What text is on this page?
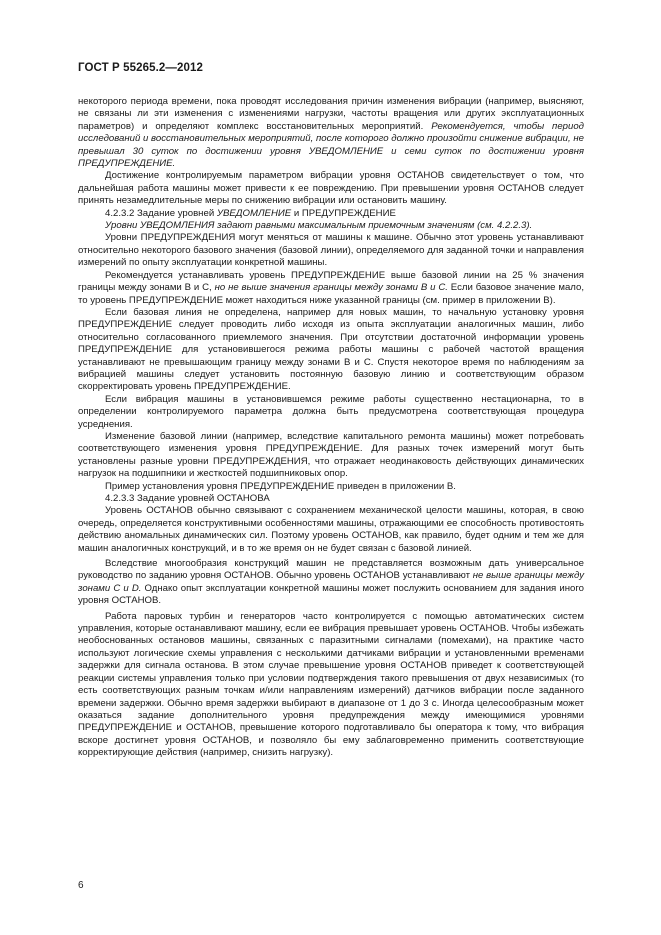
ГОСТ Р 55265.2—2012

некоторого периода времени, пока проводят исследования причин изменения вибрации (например, выясняют, не связаны ли эти изменения с изменениями нагрузки, частоты вращения или других эксплуатационных параметров) и определяют комплекс восстановительных мероприятий. Рекомендуется, чтобы период исследований и восстановительных мероприятий, после которого должно произойти снижение вибрации, не превышал 30 суток по достижении уровня УВЕДОМЛЕНИЕ и семи суток по достижении уровня ПРЕДУПРЕЖДЕНИЕ.

Достижение контролируемым параметром вибрации уровня ОСТАНОВ свидетельствует о том, что дальнейшая работа машины может привести к ее повреждению. При превышении уровня ОСТАНОВ следует принять незамедлительные меры по снижению вибрации или остановить машину.

4.2.3.2 Задание уровней УВЕДОМЛЕНИЕ и ПРЕДУПРЕЖДЕНИЕ

Уровни УВЕДОМЛЕНИЯ задают равными максимальным приемочным значениям (см. 4.2.2.3).

Уровни ПРЕДУПРЕЖДЕНИЯ могут меняться от машины к машине. Обычно этот уровень устанавливают относительно некоторого базового значения (базовой линии), определяемого для заданной точки и направления измерений по опыту эксплуатации конкретной машины.

Рекомендуется устанавливать уровень ПРЕДУПРЕЖДЕНИЕ выше базовой линии на 25 % значения границы между зонами В и С, но не выше значения границы между зонами В и С. Если базовое значение мало, то уровень ПРЕДУПРЕЖДЕНИЕ может находиться ниже указанной границы (см. пример в приложении В).

Если базовая линия не определена, например для новых машин, то начальную установку уровня ПРЕДУПРЕЖДЕНИЕ следует проводить либо исходя из опыта эксплуатации аналогичных машин, либо относительно согласованного приемлемого значения. При отсутствии достаточной информации уровень ПРЕДУПРЕЖДЕНИЕ для установившегося режима работы машины с рабочей частотой вращения устанавливают не превышающим границу между зонами В и С. Спустя некоторое время по наблюдениям за вибрацией машины следует установить постоянную базовую линию и соответствующим образом скорректировать уровень ПРЕДУПРЕЖДЕНИЕ.

Если вибрация машины в установившемся режиме работы существенно нестационарна, то в определении контролируемого параметра должна быть предусмотрена соответствующая процедура усреднения.

Изменение базовой линии (например, вследствие капитального ремонта машины) может потребовать соответствующего изменения уровня ПРЕДУПРЕЖДЕНИЕ. Для разных точек измерений могут быть установлены разные уровни ПРЕДУПРЕЖДЕНИЯ, что отражает неодинаковость действующих динамических нагрузок на подшипники и жесткостей подшипниковых опор.

Пример установления уровня ПРЕДУПРЕЖДЕНИЕ приведен в приложении В.

4.2.3.3 Задание уровней ОСТАНОВА

Уровень ОСТАНОВ обычно связывают с сохранением механической целости машины, которая, в свою очередь, определяется конструктивными особенностями машины, отражающими ее способность противостоять действию аномальных динамических сил. Поэтому уровень ОСТАНОВ, как правило, будет одним и тем же для машин аналогичных конструкций, и в то же время он не будет связан с базовой линией.

Вследствие многообразия конструкций машин не представляется возможным дать универсальное руководство по заданию уровня ОСТАНОВ. Обычно уровень ОСТАНОВ устанавливают не выше границы между зонами С и D. Однако опыт эксплуатации конкретной машины может послужить основанием для задания иного уровня ОСТАНОВ.

Работа паровых турбин и генераторов часто контролируется с помощью автоматических систем управления, которые останавливают машину, если ее вибрация превышает уровень ОСТАНОВ. Чтобы избежать необоснованных остановов машины, связанных с паразитными сигналами (помехами), на практике часто используют логические схемы управления с несколькими датчиками вибрации и установленными временами задержки для сигнала останова. В этом случае превышение уровня ОСТАНОВ приведет к соответствующей реакции системы управления только при условии подтверждения такого превышения от двух независимых (то есть соответствующих разным точкам и/или направлениям измерений) датчиков вибрации после заданного времени задержки. Обычно время задержки выбирают в диапазоне от 1 до 3 с. Иногда целесообразным может оказаться задание дополнительного уровня предупреждения между имеющимися уровнями ПРЕДУПРЕЖДЕНИЕ и ОСТАНОВ, превышение которого подготавливало бы оператора к тому, что вибрация вскоре достигнет уровня ОСТАНОВ, и позволяло бы ему заблаговременно применить соответствующие корректирующие действия (например, снизить нагрузку).

6
